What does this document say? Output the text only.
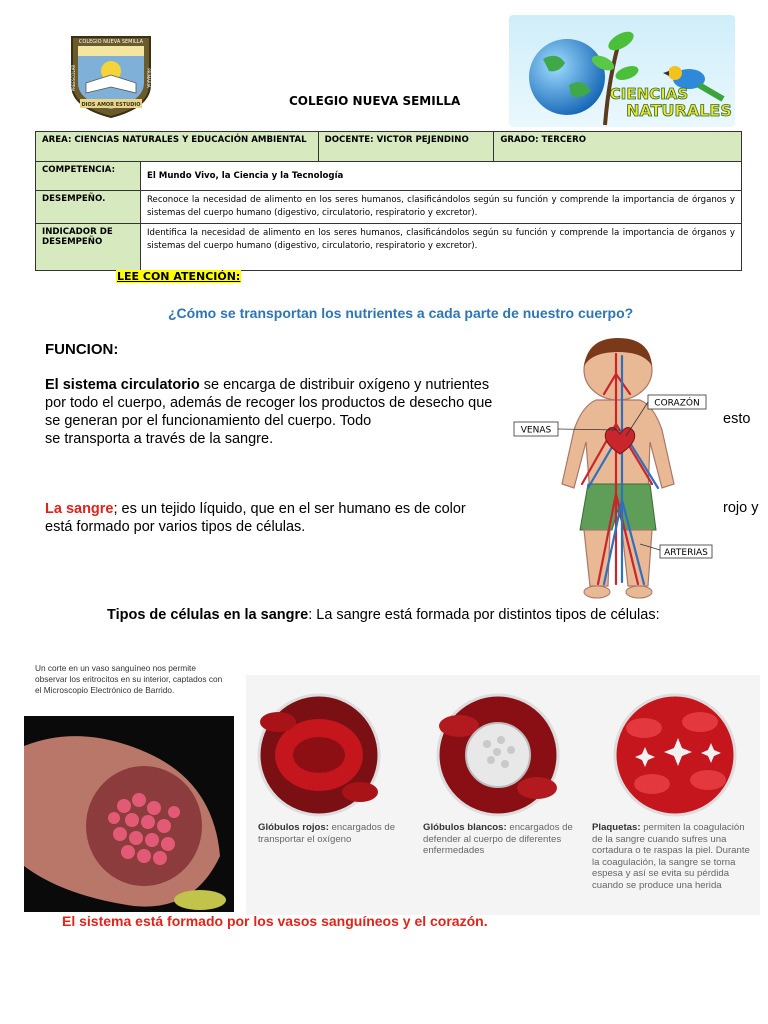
COLEGIO NUEVA SEMILLA
DIOS AMOR ESTUDIO
PREESCOLAR	PRIMARIA
COLEGIO NUEVA SEMILLA	CIENCIAS
NATURALES
AREA: CIENCIAS NATURALES Y EDUCACIÓN AMBIENTAL		DOCENTE: VICTOR PEJENDINO	GRADO: TERCERO
COMPETENCIA:	El Mundo Vivo, la Ciencia y la Tecnología		
DESEMPEÑO.	Reconoce la necesidad de alimento en los seres humanos, clasificándolos según su función y comprende la importancia de órganos y sistemas del cuerpo humano (digestivo, circulatorio, respiratorio y excretor).		
INDICADOR DE DESEMPEÑO	Identifica la necesidad de alimento en los seres humanos, clasificándolos según su función y comprende la importancia de órganos y sistemas del cuerpo humano (digestivo, circulatorio, respiratorio y excretor).		
LEE CON ATENCIÓN:
¿Cómo se transportan los nutrientes a cada parte de nuestro cuerpo?
FUNCION:
El sistema circulatorio se encarga de distribuir oxígeno y nutrientes por todo el cuerpo, además de recoger los productos de desecho que se generan por el funcionamiento del cuerpo. Todo
se transporta a través de la sangre.
esto
La sangre; es un tejido líquido, que en el ser humano es de color
está formado por varios tipos de células.
rojo y
CORAZÓN
VENAS
ARTERIAS
Tipos de células en la sangre: La sangre está formada por distintos tipos de células:
Un corte en un vaso sanguíneo nos permite observar los eritrocitos en su interior, captados con el Microscopio Electrónico de Barrido.
Glóbulos rojos: encargados de transportar el oxígeno
Glóbulos blancos: encargados de defender al cuerpo de diferentes enfermedades
Plaquetas: permiten la coagulación de la sangre cuando sufres una cortadura o te raspas la piel. Durante la coagulación, la sangre se torna espesa y así se evita su pérdida cuando se produce una herida
El sistema está formado por los vasos sanguíneos y el corazón.
